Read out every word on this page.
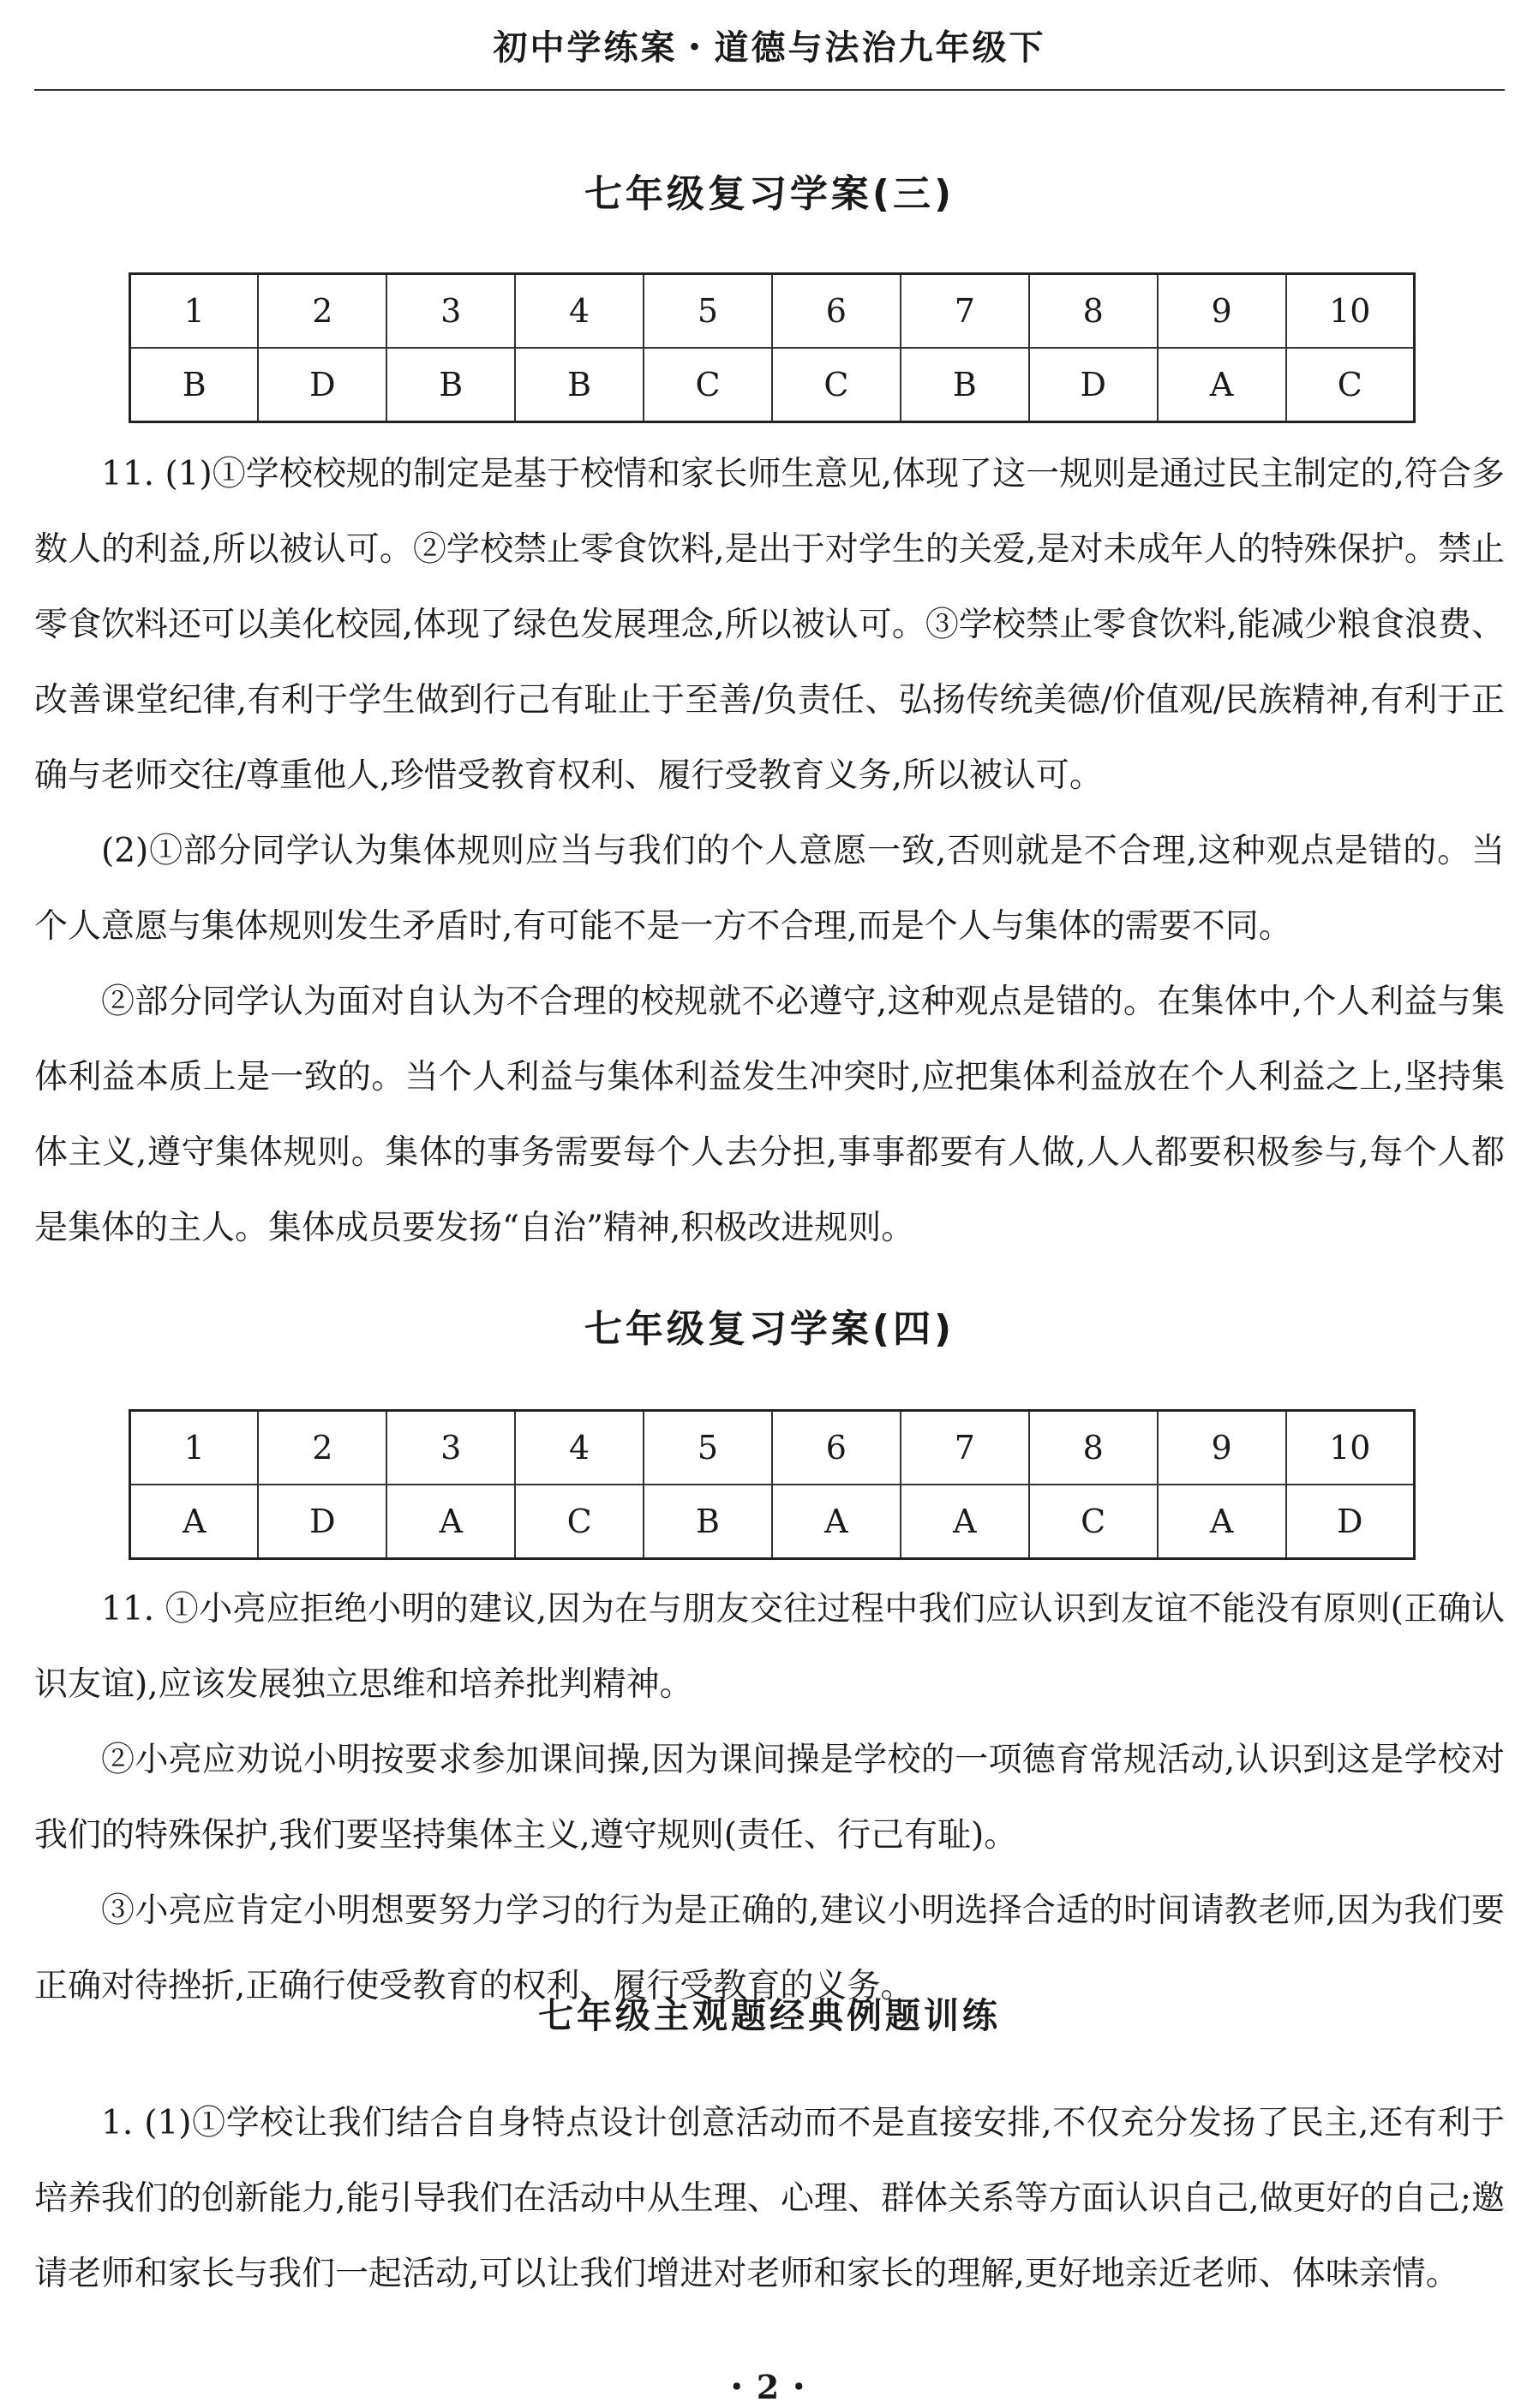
初中学练案・道德与法治九年级下
七年级复习学案(三)
1	2	3	4	5	6	7	8	9	10
B	D	B	B	C	C	B	D	A	C

11. (1)①学校校规的制定是基于校情和家长师生意见,体现了这一规则是通过民主制定的,符合多数人的利益,所以被认可。②学校禁止零食饮料,是出于对学生的关爱,是对未成年人的特殊保护。禁止零食饮料还可以美化校园,体现了绿色发展理念,所以被认可。③学校禁止零食饮料,能减少粮食浪费、改善课堂纪律,有利于学生做到行己有耻止于至善/负责任、弘扬传统美德/价值观/民族精神,有利于正确与老师交往/尊重他人,珍惜受教育权利、履行受教育义务,所以被认可。

(2)①部分同学认为集体规则应当与我们的个人意愿一致,否则就是不合理,这种观点是错的。当个人意愿与集体规则发生矛盾时,有可能不是一方不合理,而是个人与集体的需要不同。

②部分同学认为面对自认为不合理的校规就不必遵守,这种观点是错的。在集体中,个人利益与集体利益本质上是一致的。当个人利益与集体利益发生冲突时,应把集体利益放在个人利益之上,坚持集体主义,遵守集体规则。集体的事务需要每个人去分担,事事都要有人做,人人都要积极参与,每个人都是集体的主人。集体成员要发扬“自治”精神,积极改进规则。

七年级复习学案(四)
1	2	3	4	5	6	7	8	9	10
A	D	A	C	B	A	A	C	A	D

11. ①小亮应拒绝小明的建议,因为在与朋友交往过程中我们应认识到友谊不能没有原则(正确认识友谊),应该发展独立思维和培养批判精神。

②小亮应劝说小明按要求参加课间操,因为课间操是学校的一项德育常规活动,认识到这是学校对我们的特殊保护,我们要坚持集体主义,遵守规则(责任、行己有耻)。

③小亮应肯定小明想要努力学习的行为是正确的,建议小明选择合适的时间请教老师,因为我们要正确对待挫折,正确行使受教育的权利、履行受教育的义务。

七年级主观题经典例题训练

1. (1)①学校让我们结合自身特点设计创意活动而不是直接安排,不仅充分发扬了民主,还有利于培养我们的创新能力,能引导我们在活动中从生理、心理、群体关系等方面认识自己,做更好的自己;邀请老师和家长与我们一起活动,可以让我们增进对老师和家长的理解,更好地亲近老师、体味亲情。

・2・
